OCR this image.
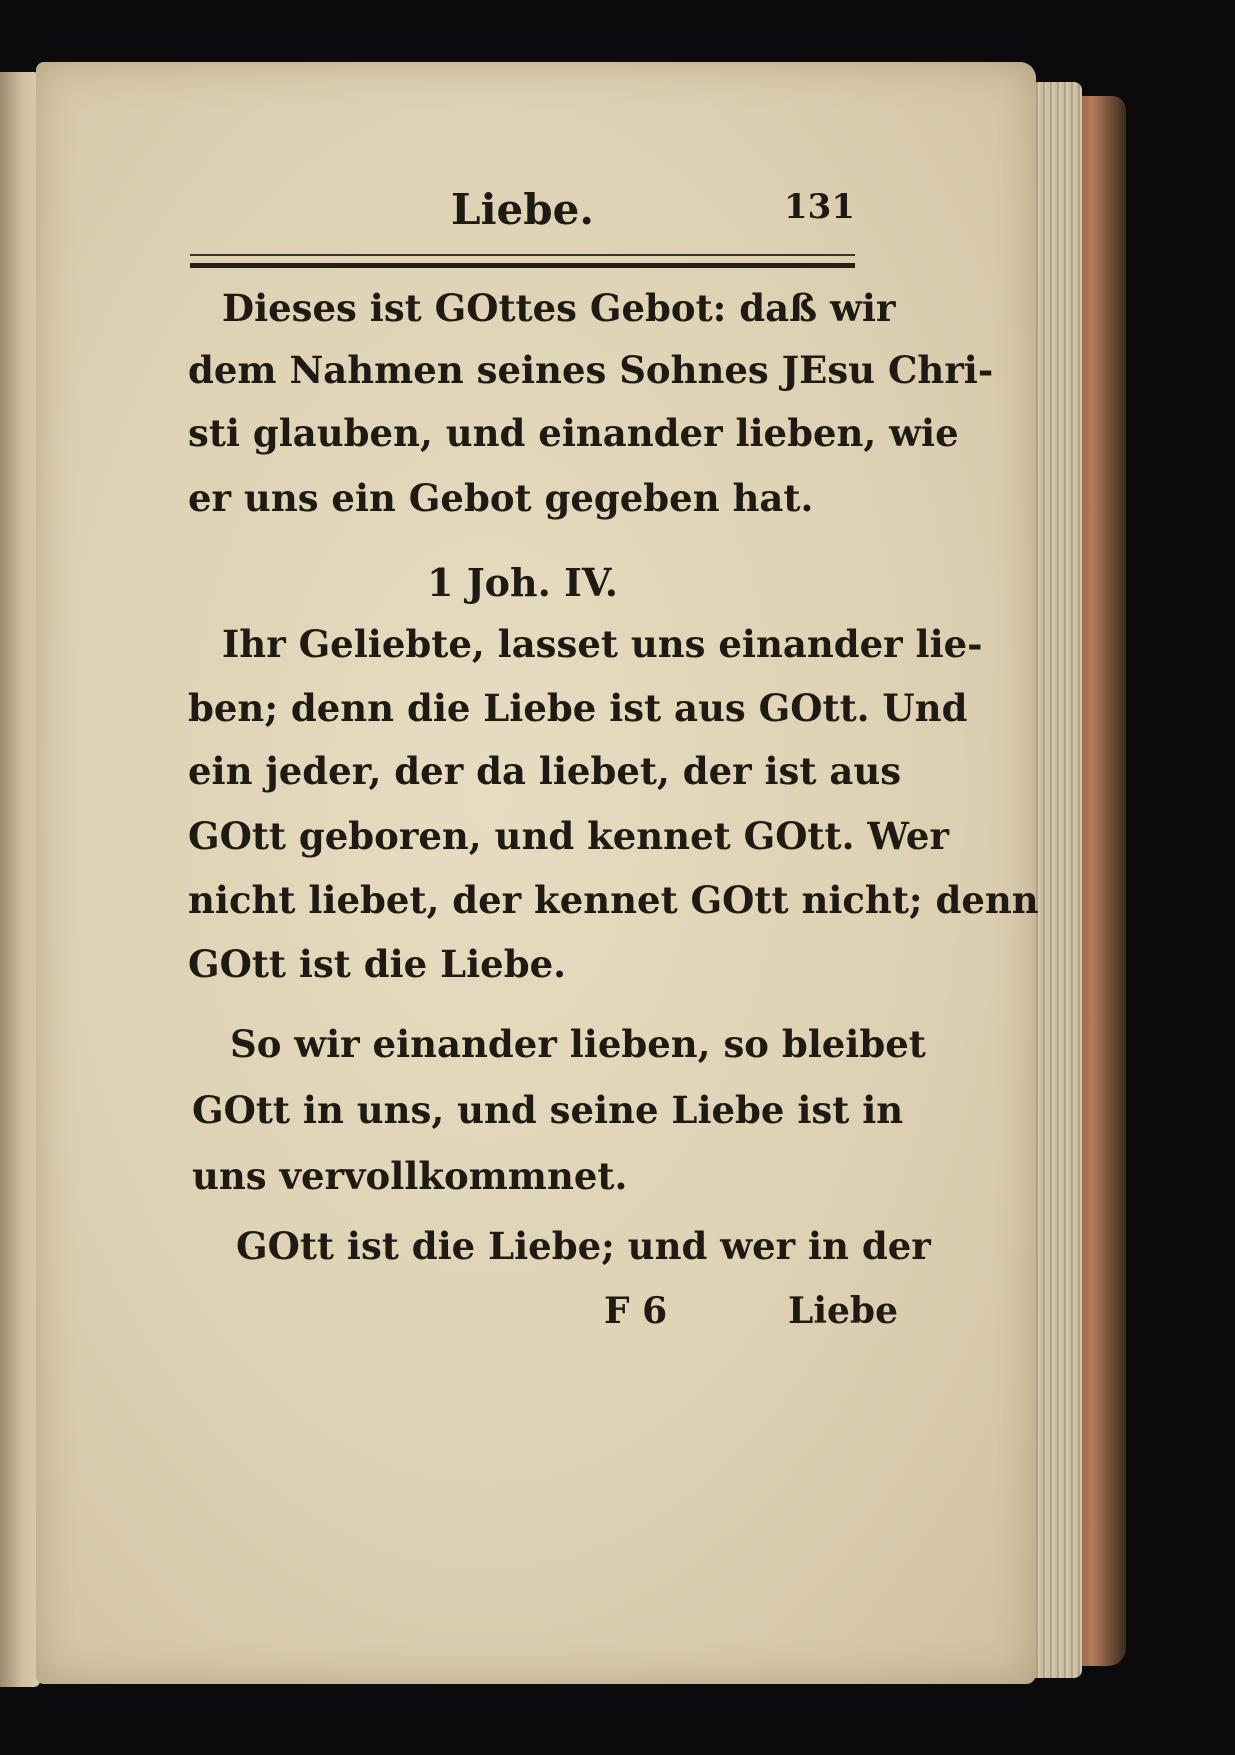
Liebe.	131
Dieses ist GOttes Gebot: daß wir
dem Nahmen seines Sohnes JEsu Chri-
sti glauben, und einander lieben, wie
er uns ein Gebot gegeben hat.
1 Joh. IV.
Ihr Geliebte, lasset uns einander lie-
ben; denn die Liebe ist aus GOtt. Und
ein jeder, der da liebet, der ist aus
GOtt geboren, und kennet GOtt. Wer
nicht liebet, der kennet GOtt nicht; denn
GOtt ist die Liebe.
So wir einander lieben, so bleibet
GOtt in uns, und seine Liebe ist in
uns vervollkommnet.
GOtt ist die Liebe; und wer in der
F 6	Liebe
